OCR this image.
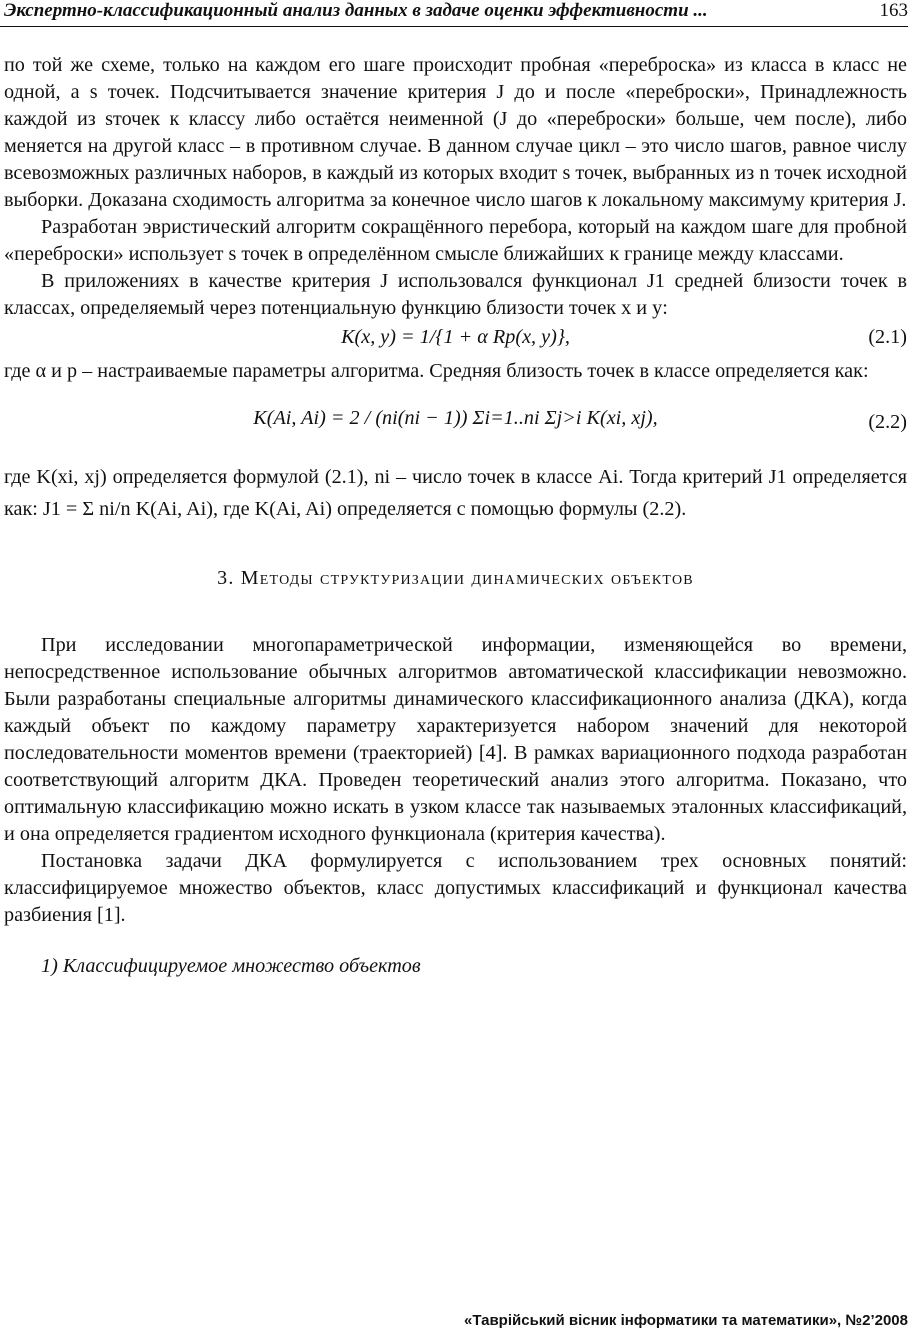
Экспертно-классификационный анализ данных в задаче оценки эффективности ...	163

по той же схеме, только на каждом его шаге происходит пробная «переброска» из класса в класс не одной, а s точек. Подсчитывается значение критерия J до и после «переброски», Принадлежность каждой из sточек к классу либо остаётся неименной (J до «переброски» больше, чем после), либо меняется на другой класс – в противном случае. В данном случае цикл – это число шагов, равное числу всевозможных различных наборов, в каждый из которых входит s точек, выбранных из n точек исходной выборки. Доказана сходимость алгоритма за конечное число шагов к локальному максимуму критерия J.

Разработан эвристический алгоритм сокращённого перебора, который на каждом шаге для пробной «переброски» использует s точек в определённом смысле ближайших к границе между классами.

В приложениях в качестве критерия J использовался функционал J1 средней близости точек в классах, определяемый через потенциальную функцию близости точек x и y:

K(x, y) = 1/{1 + α Rp(x, y)},	(2.1)

где α и p – настраиваемые параметры алгоритма. Средняя близость точек в классе определяется как:

K(Ai, Ai) = 2 / (ni(ni − 1)) Σi=1..ni Σj>i K(xi, xj),	(2.2)

где K(xi, xj) определяется формулой (2.1), ni – число точек в классе Ai. Тогда критерий J1 определяется как: J1 = Σ ni/n K(Ai, Ai), где K(Ai, Ai) определяется с помощью формулы (2.2).

3. Методы структуризации динамических объектов

При исследовании многопараметрической информации, изменяющейся во времени, непосредственное использование обычных алгоритмов автоматической классификации невозможно. Были разработаны специальные алгоритмы динамического классификационного анализа (ДКА), когда каждый объект по каждому параметру характеризуется набором значений для некоторой последовательности моментов времени (траекторией) [4]. В рамках вариационного подхода разработан соответствующий алгоритм ДКА. Проведен теоретический анализ этого алгоритма. Показано, что оптимальную классификацию можно искать в узком классе так называемых эталонных классификаций, и она определяется градиентом исходного функционала (критерия качества).

Постановка задачи ДКА формулируется с использованием трех основных понятий: классифицируемое множество объектов, класс допустимых классификаций и функционал качества разбиения [1].

1) Классифицируемое множество объектов

«Таврійський вісник інформатики та математики», №2’2008
